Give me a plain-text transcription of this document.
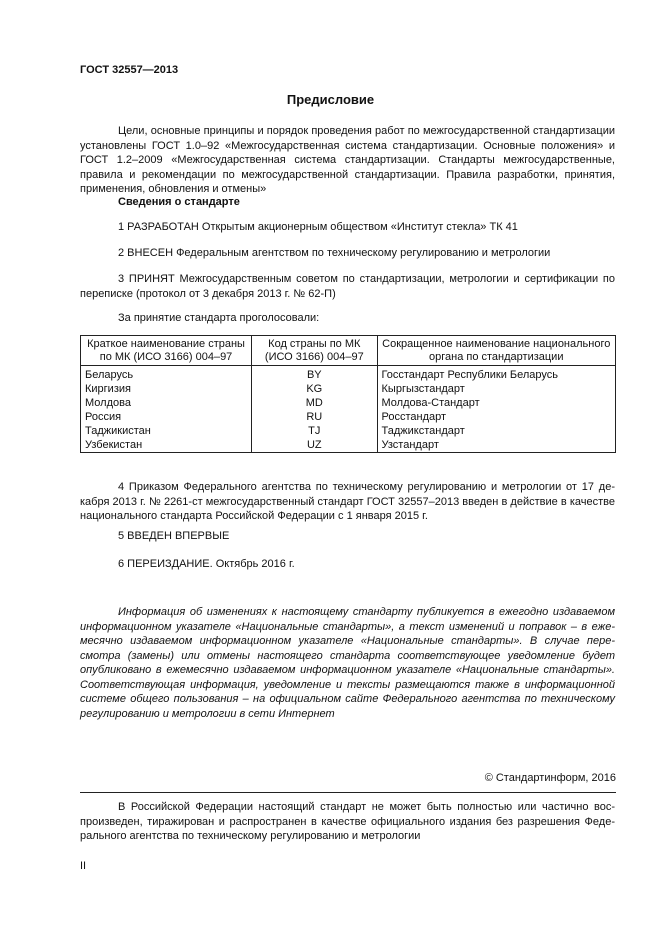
ГОСТ 32557—2013
Предисловие
Цели, основные принципы и порядок проведения работ по межгосударственной стандартизации установлены ГОСТ 1.0–92 «Межгосударственная система стандартизации. Основные положения» и ГОСТ 1.2–2009 «Межгосударственная система стандартизации. Стандарты межгосударственные, правила и рекомендации по межгосударственной стандартизации. Правила разработки, принятия, применения, обновления и отмены»
Сведения о стандарте
1 РАЗРАБОТАН Открытым акционерным обществом «Институт стекла» ТК 41
2 ВНЕСЕН Федеральным агентством по техническому регулированию и метрологии
3 ПРИНЯТ Межгосударственным советом по стандартизации, метрологии и сертификации по переписке (протокол от 3 декабря 2013 г. № 62-П)
За принятие стандарта проголосовали:
Краткое наименование страны по МК (ИСО 3166) 004–97	Код страны по МК (ИСО 3166) 004–97	Сокращенное наименование национального органа по стандартизации
Беларусь	BY	Госстандарт Республики Беларусь
Киргизия	KG	Кыргызстандарт
Молдова	MD	Молдова-Стандарт
Россия	RU	Росстандарт
Таджикистан	TJ	Таджикстандарт
Узбекистан	UZ	Узстандарт
4 Приказом Федерального агентства по техническому регулированию и метрологии от 17 декабря 2013 г. № 2261-ст межгосударственный стандарт ГОСТ 32557–2013 введен в действие в качестве национального стандарта Российской Федерации с 1 января 2015 г.
5 ВВЕДЕН ВПЕРВЫЕ
6 ПЕРЕИЗДАНИЕ. Октябрь 2016 г.
Информация об изменениях к настоящему стандарту публикуется в ежегодно издаваемом информационном указателе «Национальные стандарты», а текст изменений и поправок – в ежемесячно издаваемом информационном указателе «Национальные стандарты». В случае пересмотра (замены) или отмены настоящего стандарта соответствующее уведомление будет опубликовано в ежемесячно издаваемом информационном указателе «Национальные стандарты». Соответствующая информация, уведомление и тексты размещаются также в информационной системе общего пользования – на официальном сайте Федерального агентства по техническому регулированию и метрологии в сети Интернет
© Стандартинформ, 2016
В Российской Федерации настоящий стандарт не может быть полностью или частично воспроизведен, тиражирован и распространен в качестве официального издания без разрешения Федерального агентства по техническому регулированию и метрологии
II
